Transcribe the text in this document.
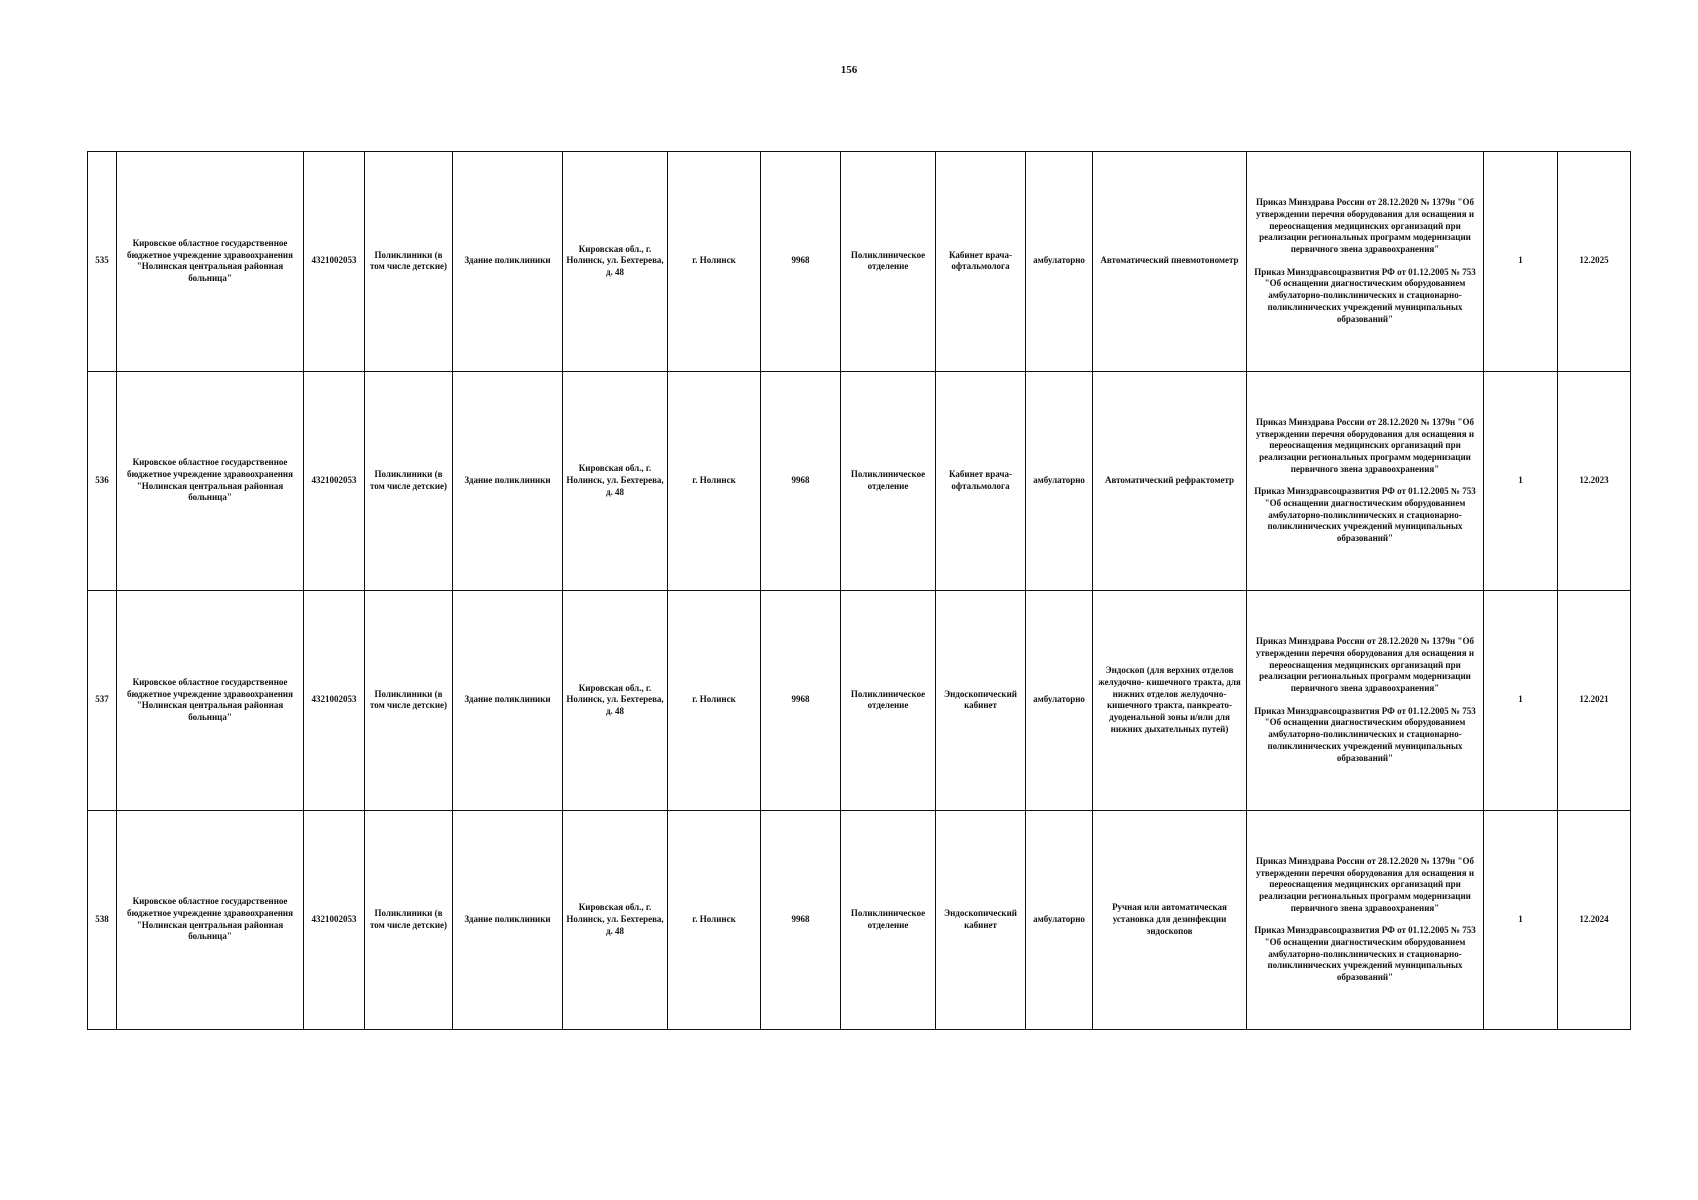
156
535	Кировское областное государственное бюджетное учреждение здравоохранения "Нолинская центральная районная больница"	4321002053	Поликлиники (в том числе детские)	Здание поликлиники	Кировская обл., г. Нолинск, ул. Бехтерева, д. 48	г. Нолинск	9968	Поликлиническое отделение	Кабинет врача-офтальмолога	амбулаторно	Автоматический пневмотонометр	Приказ Минздрава России от 28.12.2020 № 1379н "Об утверждении перечня оборудования для оснащения и переоснащения медицинских организаций при реализации региональных программ модернизации первичного звена здравоохранения"
Приказ Минздравсоцразвития РФ от 01.12.2005 № 753 "Об оснащении диагностическим оборудованием амбулаторно-поликлинических и стационарно-поликлинических учреждений муниципальных образований"	1	12.2025
536	Кировское областное государственное бюджетное учреждение здравоохранения "Нолинская центральная районная больница"	4321002053	Поликлиники (в том числе детские)	Здание поликлиники	Кировская обл., г. Нолинск, ул. Бехтерева, д. 48	г. Нолинск	9968	Поликлиническое отделение	Кабинет врача-офтальмолога	амбулаторно	Автоматический рефрактометр	Приказ Минздрава России от 28.12.2020 № 1379н "Об утверждении перечня оборудования для оснащения и переоснащения медицинских организаций при реализации региональных программ модернизации первичного звена здравоохранения"
Приказ Минздравсоцразвития РФ от 01.12.2005 № 753 "Об оснащении диагностическим оборудованием амбулаторно-поликлинических и стационарно-поликлинических учреждений муниципальных образований"	1	12.2023
537	Кировское областное государственное бюджетное учреждение здравоохранения "Нолинская центральная районная больница"	4321002053	Поликлиники (в том числе детские)	Здание поликлиники	Кировская обл., г. Нолинск, ул. Бехтерева, д. 48	г. Нолинск	9968	Поликлиническое отделение	Эндоскопический кабинет	амбулаторно	Эндоскоп (для верхних отделов желудочно- кишечного тракта, для нижних отделов желудочно-кишечного тракта, панкреато-дуоденальной зоны и/или для нижних дыхательных путей)	Приказ Минздрава России от 28.12.2020 № 1379н "Об утверждении перечня оборудования для оснащения и переоснащения медицинских организаций при реализации региональных программ модернизации первичного звена здравоохранения"
Приказ Минздравсоцразвития РФ от 01.12.2005 № 753 "Об оснащении диагностическим оборудованием амбулаторно-поликлинических и стационарно-поликлинических учреждений муниципальных образований"	1	12.2021
538	Кировское областное государственное бюджетное учреждение здравоохранения "Нолинская центральная районная больница"	4321002053	Поликлиники (в том числе детские)	Здание поликлиники	Кировская обл., г. Нолинск, ул. Бехтерева, д. 48	г. Нолинск	9968	Поликлиническое отделение	Эндоскопический кабинет	амбулаторно	Ручная или автоматическая установка для дезинфекции эндоскопов	Приказ Минздрава России от 28.12.2020 № 1379н "Об утверждении перечня оборудования для оснащения и переоснащения медицинских организаций при реализации региональных программ модернизации первичного звена здравоохранения"
Приказ Минздравсоцразвития РФ от 01.12.2005 № 753 "Об оснащении диагностическим оборудованием амбулаторно-поликлинических и стационарно-поликлинических учреждений муниципальных образований"	1	12.2024
